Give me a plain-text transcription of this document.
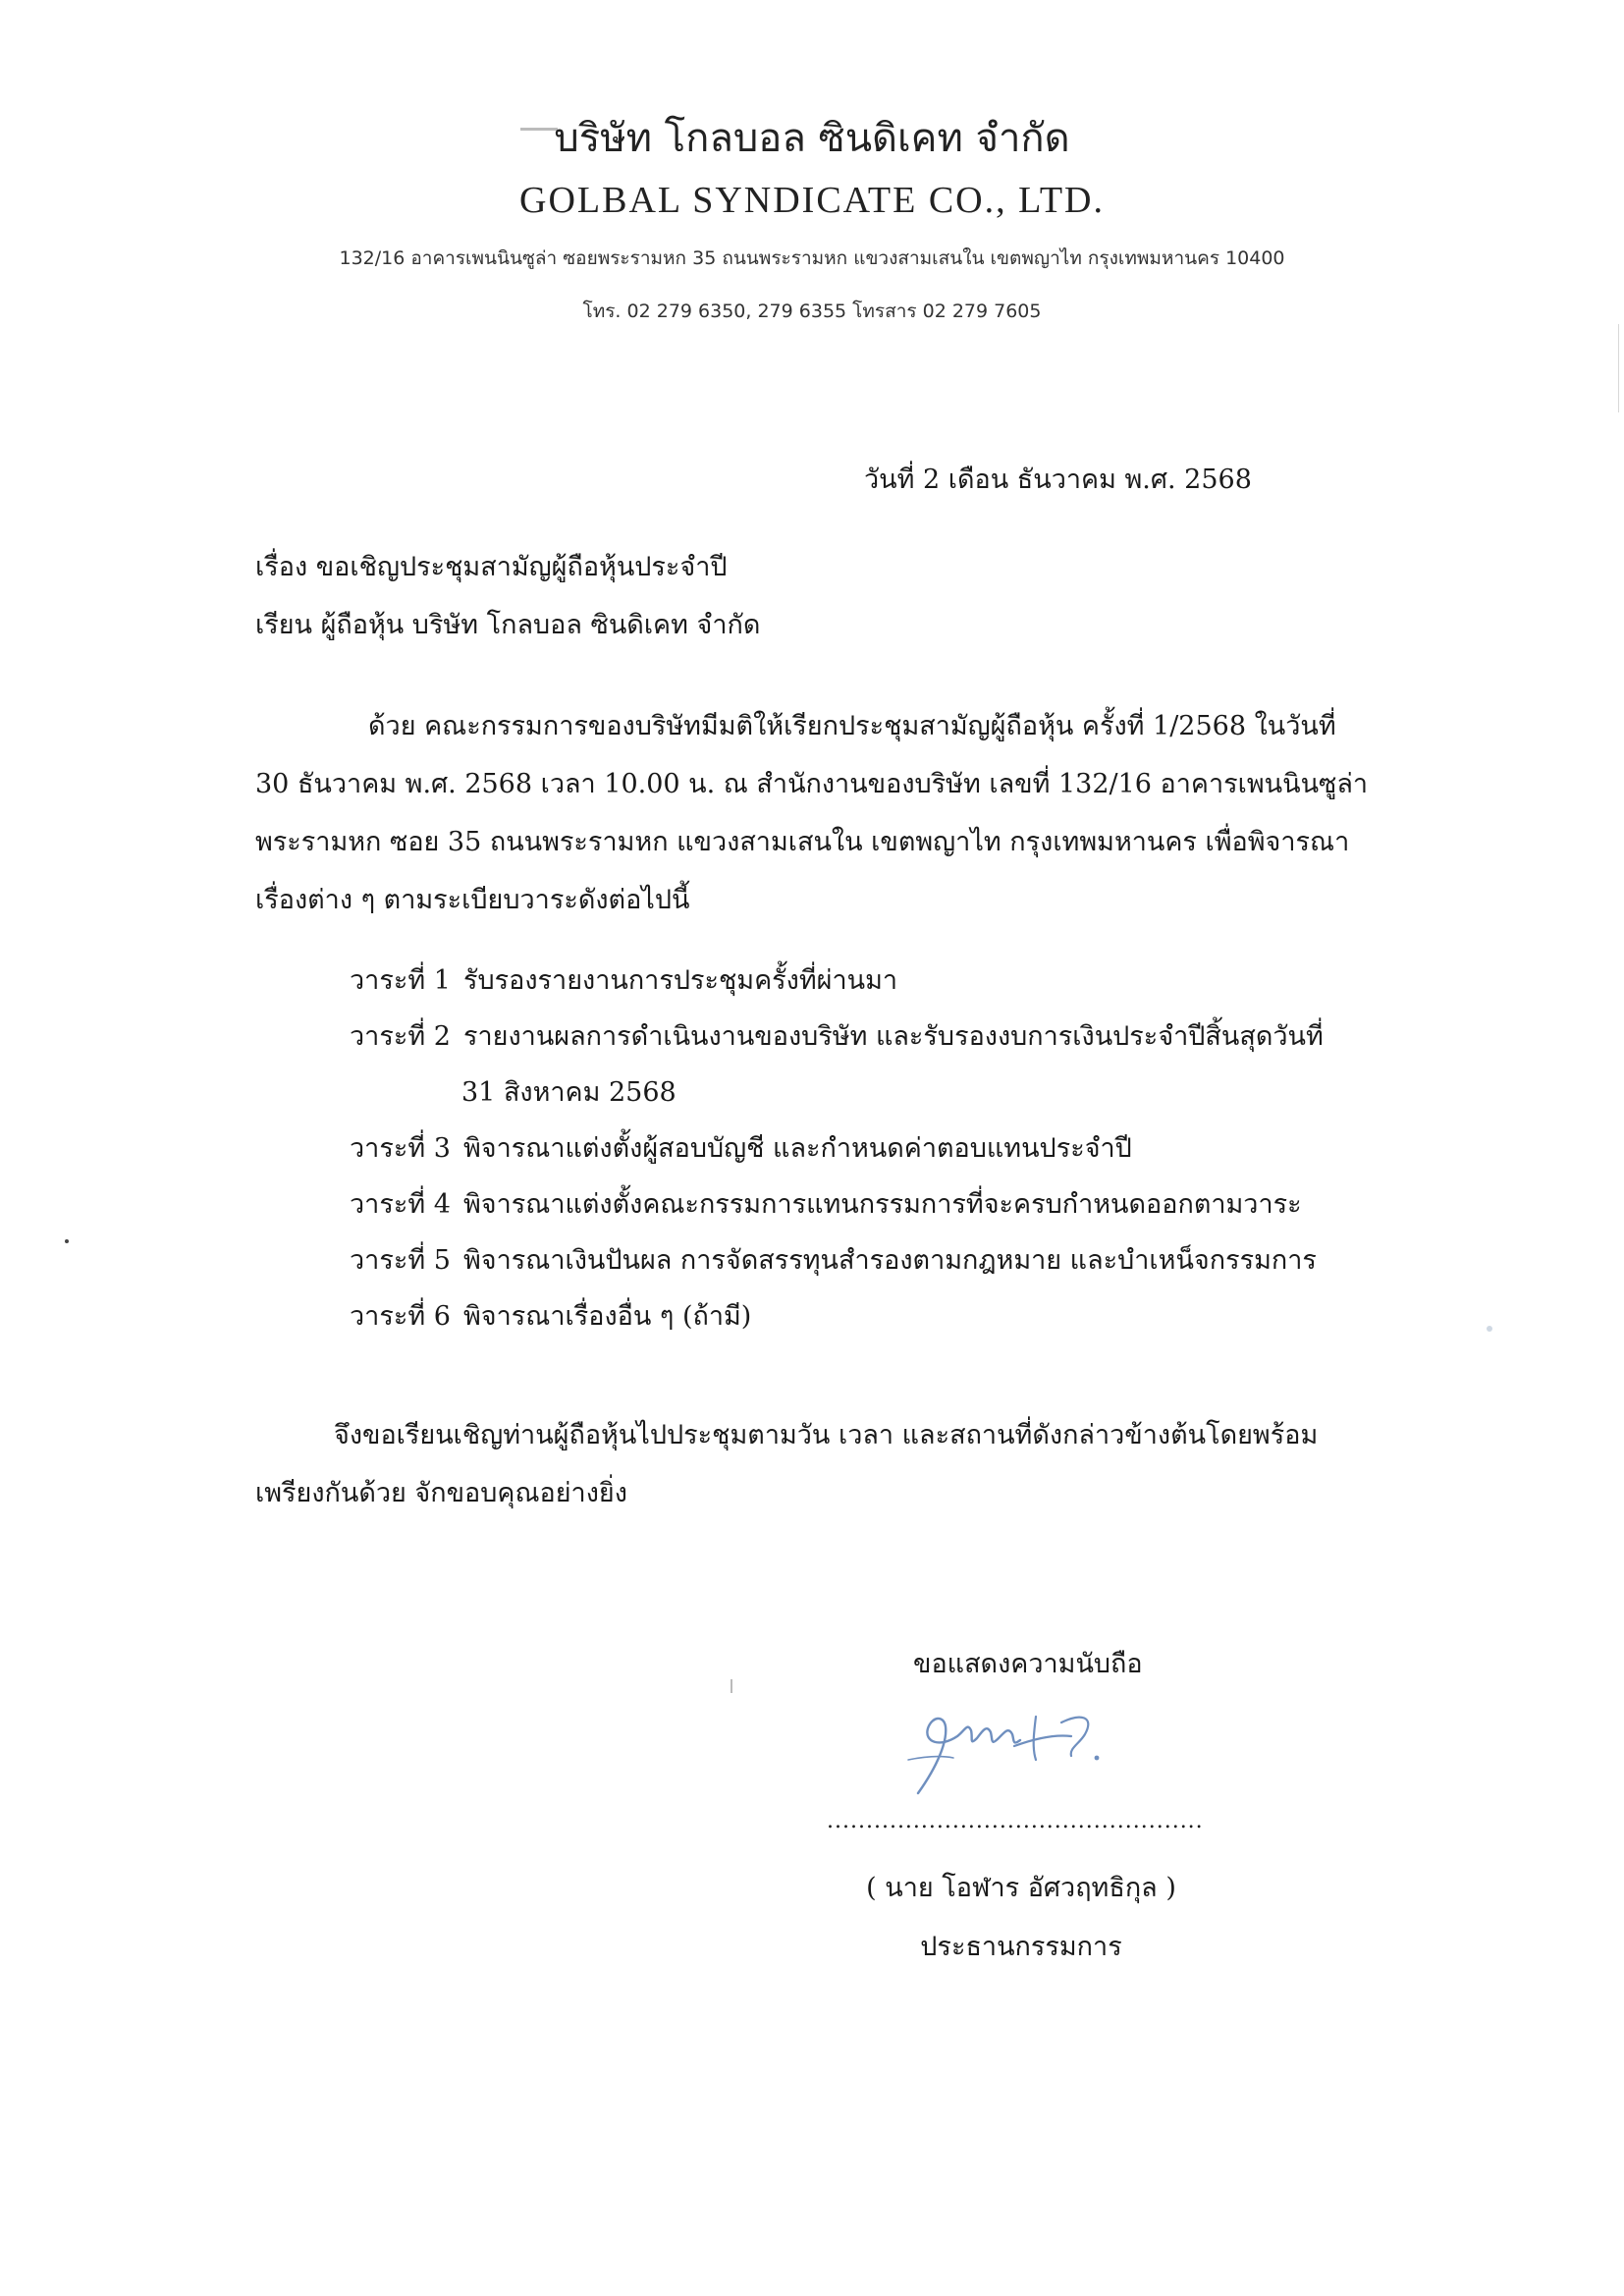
บริษัท โกลบอล ซินดิเคท จำกัด
GOLBAL SYNDICATE CO., LTD.
132/16 อาคารเพนนินซูล่า ซอยพระรามหก 35 ถนนพระรามหก แขวงสามเสนใน เขตพญาไท กรุงเทพมหานคร 10400
โทร. 02 279 6350, 279 6355 โทรสาร 02 279 7605
วันที่ 2 เดือน ธันวาคม พ.ศ. 2568
เรื่อง ขอเชิญประชุมสามัญผู้ถือหุ้นประจำปี
เรียน ผู้ถือหุ้น บริษัท โกลบอล ซินดิเคท จำกัด
ด้วย คณะกรรมการของบริษัทมีมติให้เรียกประชุมสามัญผู้ถือหุ้น ครั้งที่ 1/2568 ในวันที่
30 ธันวาคม พ.ศ. 2568 เวลา 10.00 น. ณ สำนักงานของบริษัท เลขที่ 132/16 อาคารเพนนินซูล่า
พระรามหก ซอย 35 ถนนพระรามหก แขวงสามเสนใน เขตพญาไท กรุงเทพมหานคร เพื่อพิจารณา
เรื่องต่าง ๆ ตามระเบียบวาระดังต่อไปนี้
วาระที่ 1 รับรองรายงานการประชุมครั้งที่ผ่านมา
วาระที่ 2 รายงานผลการดำเนินงานของบริษัท และรับรองงบการเงินประจำปีสิ้นสุดวันที่
31 สิงหาคม 2568
วาระที่ 3 พิจารณาแต่งตั้งผู้สอบบัญชี และกำหนดค่าตอบแทนประจำปี
วาระที่ 4 พิจารณาแต่งตั้งคณะกรรมการแทนกรรมการที่จะครบกำหนดออกตามวาระ
วาระที่ 5 พิจารณาเงินปันผล การจัดสรรทุนสำรองตามกฎหมาย และบำเหน็จกรรมการ
วาระที่ 6 พิจารณาเรื่องอื่น ๆ (ถ้ามี)
จึงขอเรียนเชิญท่านผู้ถือหุ้นไปประชุมตามวัน เวลา และสถานที่ดังกล่าวข้างต้นโดยพร้อม
เพรียงกันด้วย จักขอบคุณอย่างยิ่ง
ขอแสดงความนับถือ
................................................
( นาย โอฬาร อัศวฤทธิกุล )
ประธานกรรมการ
